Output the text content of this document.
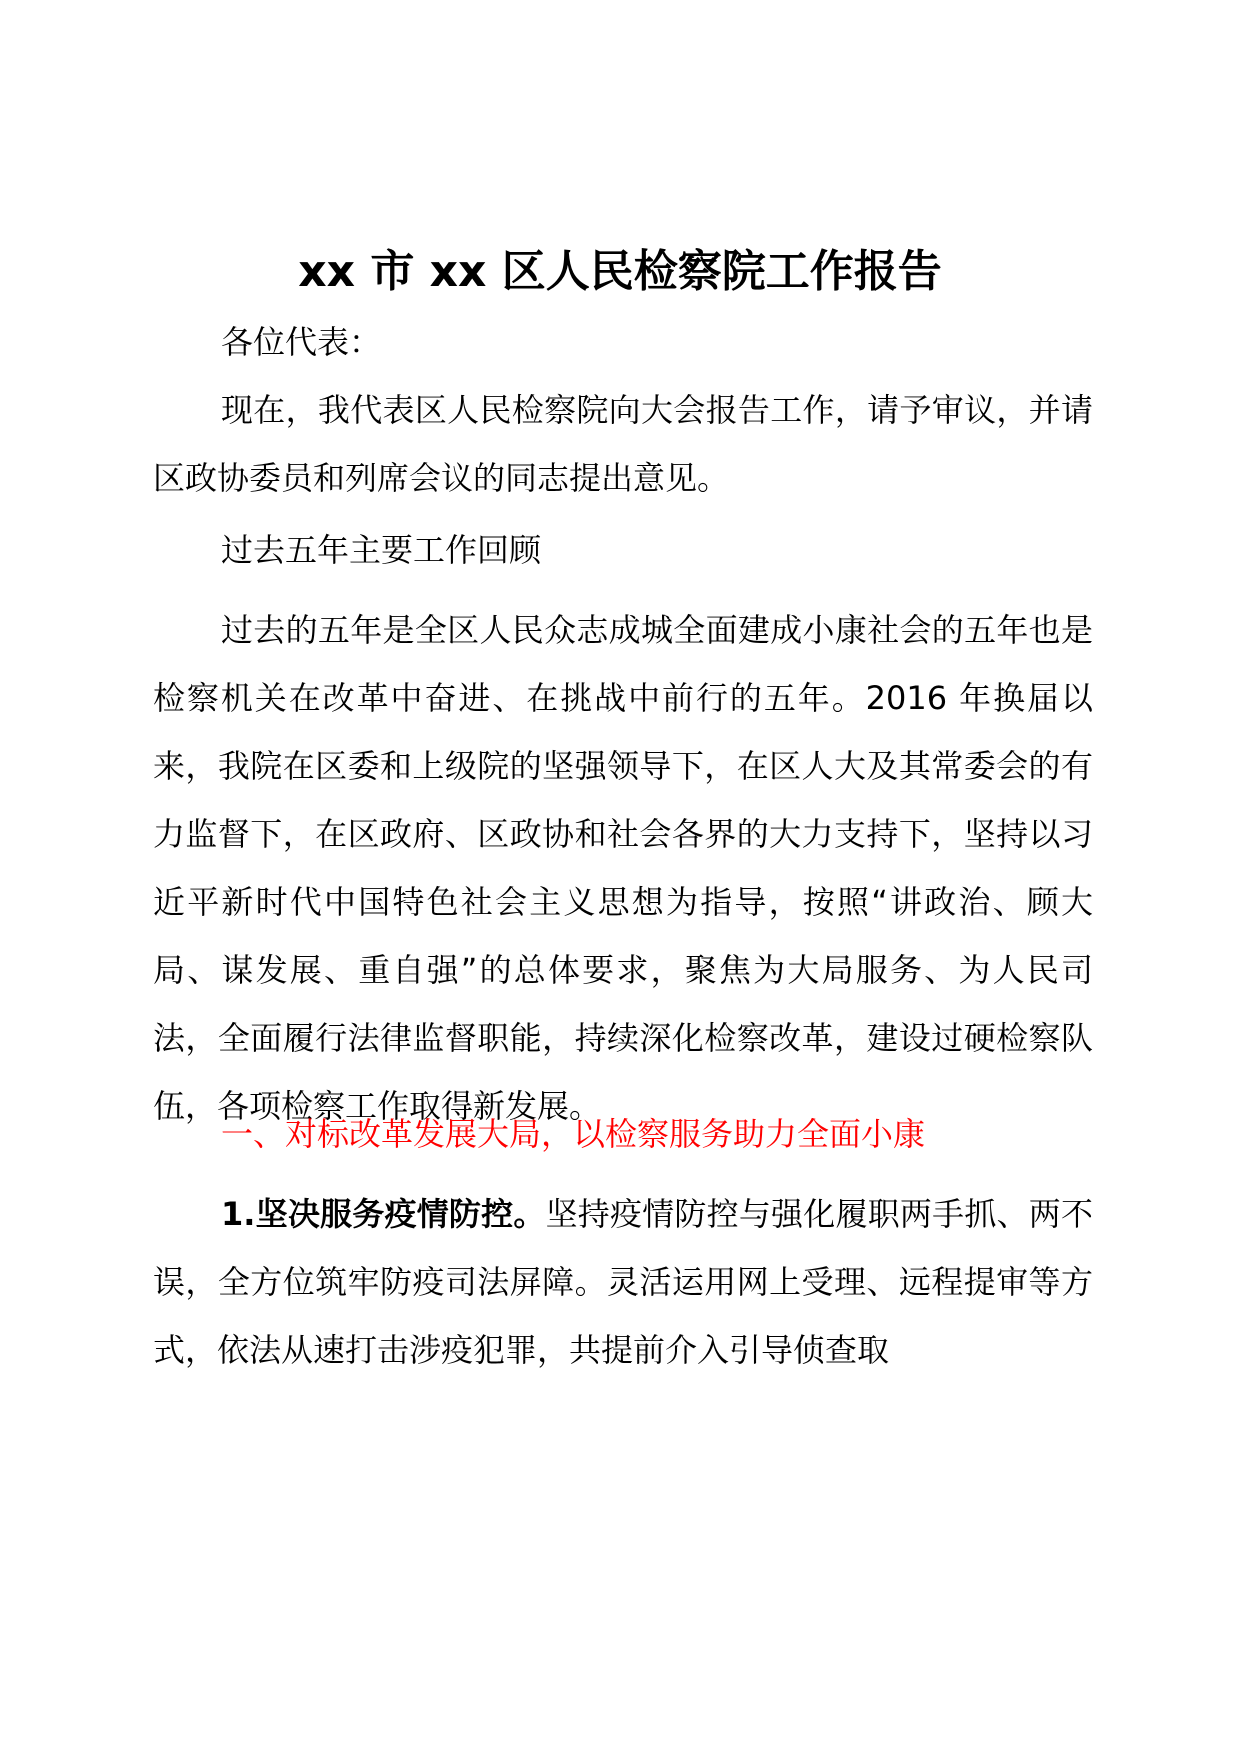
xx 市 xx 区人民检察院工作报告

各位代表：

现在，我代表区人民检察院向大会报告工作，请予审议，并请区政协委员和列席会议的同志提出意见。

过去五年主要工作回顾

过去的五年是全区人民众志成城全面建成小康社会的五年也是检察机关在改革中奋进、在挑战中前行的五年。2016 年换届以来，我院在区委和上级院的坚强领导下，在区人大及其常委会的有力监督下，在区政府、区政协和社会各界的大力支持下，坚持以习近平新时代中国特色社会主义思想为指导，按照“讲政治、顾大局、谋发展、重自强”的总体要求，聚焦为大局服务、为人民司法，全面履行法律监督职能，持续深化检察改革，建设过硬检察队伍，各项检察工作取得新发展。

一、对标改革发展大局，以检察服务助力全面小康

1.坚决服务疫情防控。坚持疫情防控与强化履职两手抓、两不误，全方位筑牢防疫司法屏障。灵活运用网上受理、远程提审等方式，依法从速打击涉疫犯罪，共提前介入引导侦查取
